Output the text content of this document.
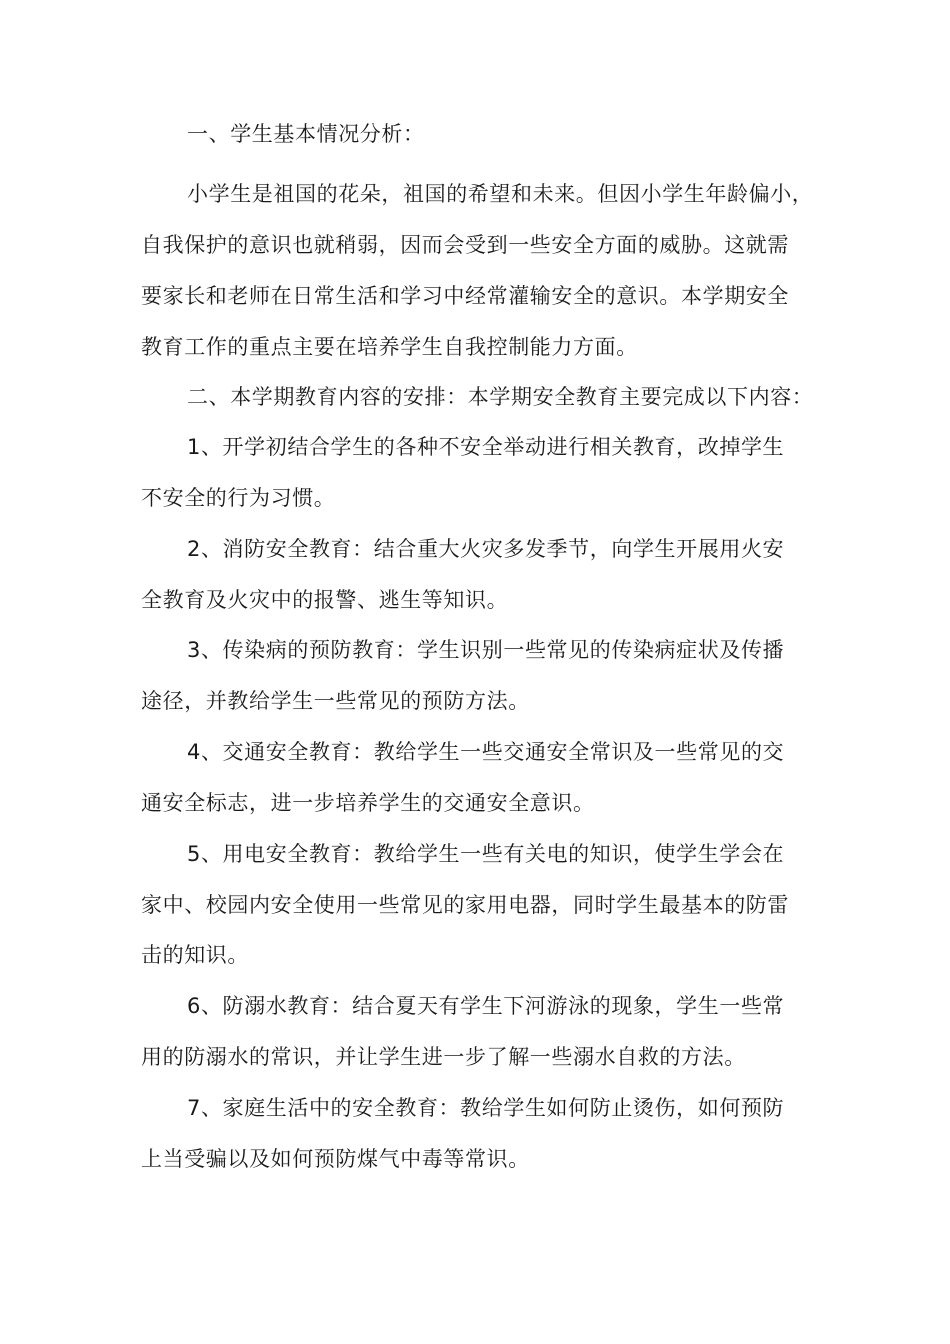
一、学生基本情况分析：
小学生是祖国的花朵，祖国的希望和未来。但因小学生年龄偏小，
自我保护的意识也就稍弱，因而会受到一些安全方面的威胁。这就需
要家长和老师在日常生活和学习中经常灌输安全的意识。本学期安全
教育工作的重点主要在培养学生自我控制能力方面。
二、本学期教育内容的安排：本学期安全教育主要完成以下内容：
1、开学初结合学生的各种不安全举动进行相关教育，改掉学生
不安全的行为习惯。
2、消防安全教育：结合重大火灾多发季节，向学生开展用火安
全教育及火灾中的报警、逃生等知识。
3、传染病的预防教育：学生识别一些常见的传染病症状及传播
途径，并教给学生一些常见的预防方法。
4、交通安全教育：教给学生一些交通安全常识及一些常见的交
通安全标志，进一步培养学生的交通安全意识。
5、用电安全教育：教给学生一些有关电的知识，使学生学会在
家中、校园内安全使用一些常见的家用电器，同时学生最基本的防雷
击的知识。
6、防溺水教育：结合夏天有学生下河游泳的现象，学生一些常
用的防溺水的常识，并让学生进一步了解一些溺水自救的方法。
7、家庭生活中的安全教育：教给学生如何防止烫伤，如何预防
上当受骗以及如何预防煤气中毒等常识。
